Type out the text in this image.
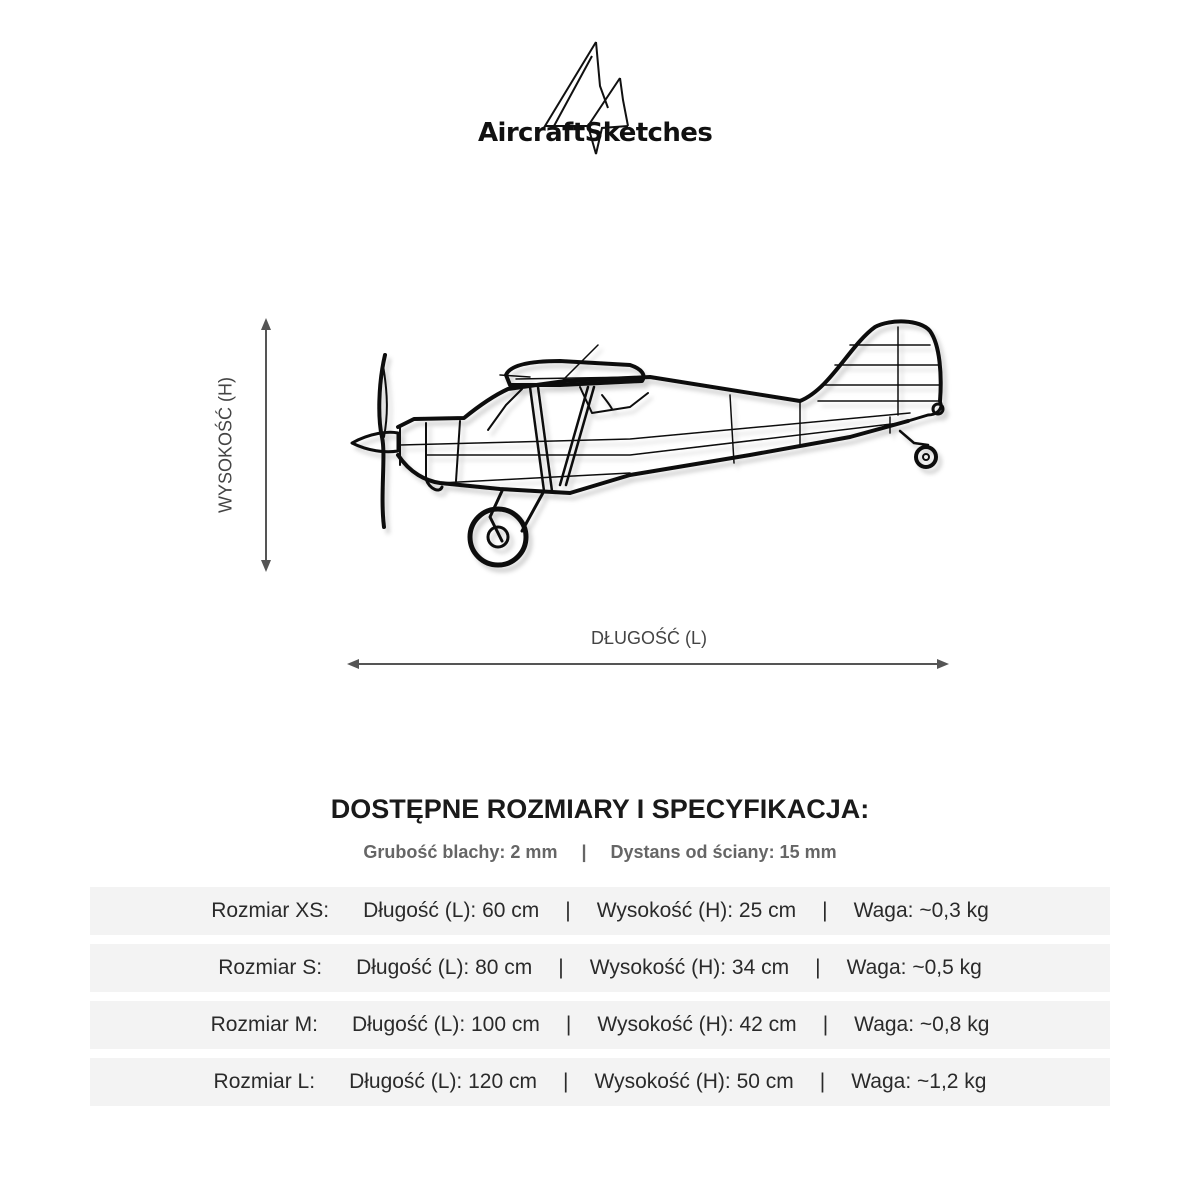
AircraftSketches
WYSOKOŚĆ (H)
DŁUGOŚĆ (L)
DOSTĘPNE ROZMIARY I SPECYFIKACJA:
Grubość blachy: 2 mm | Dystans od ściany: 15 mm
Rozmiar XS: Długość (L): 60 cm | Wysokość (H): 25 cm | Waga: ~0,3 kg
Rozmiar S: Długość (L): 80 cm | Wysokość (H): 34 cm | Waga: ~0,5 kg
Rozmiar M: Długość (L): 100 cm | Wysokość (H): 42 cm | Waga: ~0,8 kg
Rozmiar L: Długość (L): 120 cm | Wysokość (H): 50 cm | Waga: ~1,2 kg
